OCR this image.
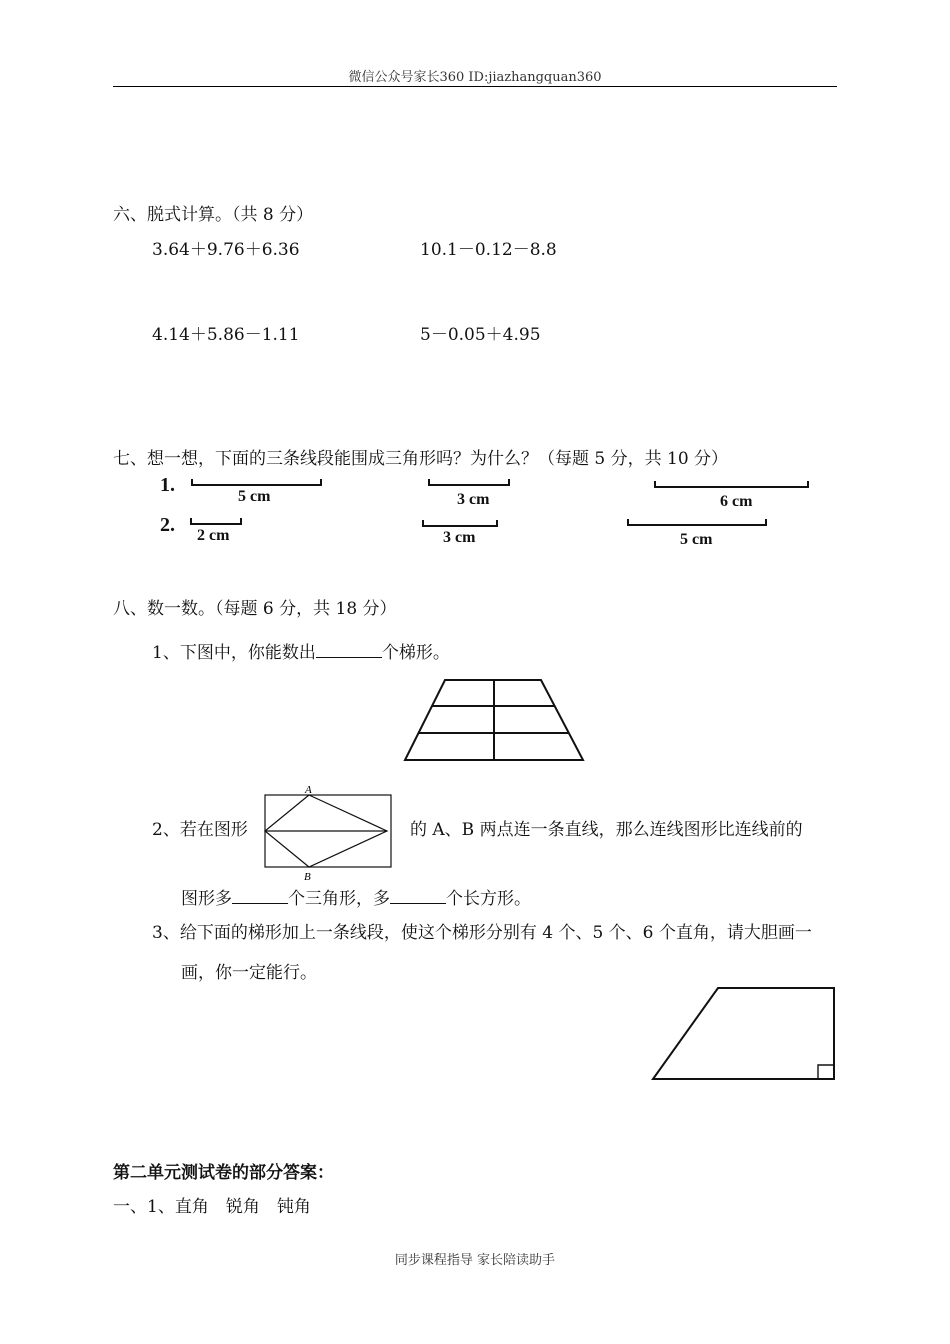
微信公众号家长360 ID:jiazhangquan360
六、脱式计算。（共 8 分）
3.64＋9.76＋6.36	10.1－0.12－8.8
4.14＋5.86－1.11	5－0.05＋4.95
七、想一想，下面的三条线段能围成三角形吗？为什么？（每题 5 分，共 10 分）
1.
5 cm	3 cm	6 cm
2. 2 cm	3 cm	5 cm
八、数一数。（每题 6 分，共 18 分）
1、下图中，你能数出	个梯形。
2、若在图形
A
B
的 A、B 两点连一条直线，那么连线图形比连线前的
图形多	个三角形，多	个长方形。
3、给下面的梯形加上一条线段，使这个梯形分别有 4 个、5 个、6 个直角，请大胆画一
画，你一定能行。
第二单元测试卷的部分答案：
一、1、直角　锐角　钝角
同步课程指导 家长陪读助手
